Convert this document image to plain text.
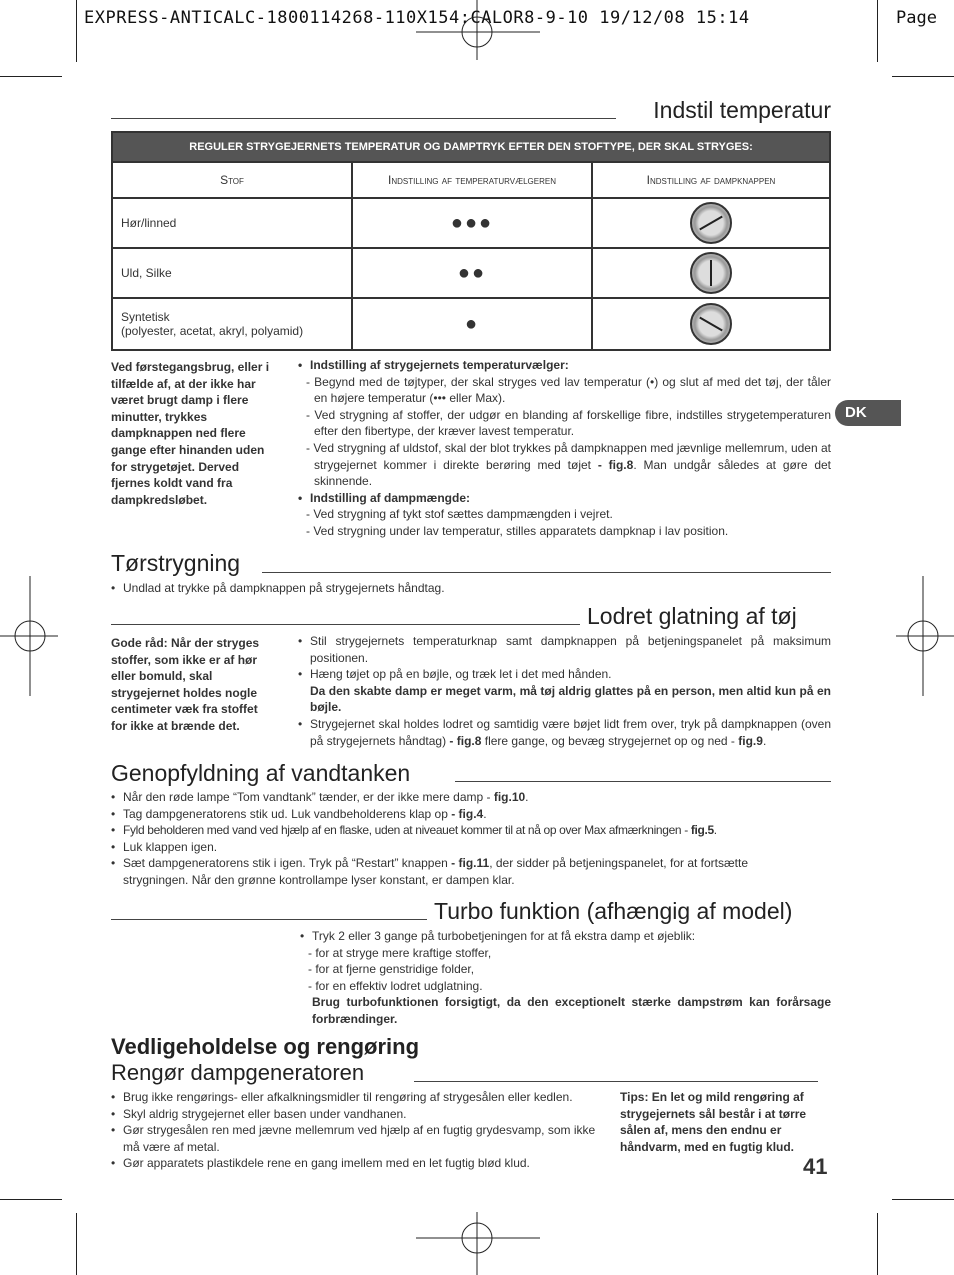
EXPRESS-ANTICALC-1800114268-110X154:CALOR8-9-10 19/12/08 15:14	Page
DK
Indstil temperatur
REGULER STRYGEJERNETS TEMPERATUR OG DAMPTRYK EFTER DEN STOFTYPE, DER SKAL STRYGES:		
Stof	Indstilling af temperaturvælgeren	Indstilling af dampknappen
Hør/linned	●●●	

Uld, Silke	●●	

Syntetisk
(polyester, acetat, akryl, polyamid)	●	
Ved førstegangsbrug, eller i tilfælde af, at der ikke har været brugt damp i flere minutter, trykkes dampknappen ned flere gange efter hinanden uden for strygetøjet. Derved fjernes koldt vand fra dampkredsløbet.

• Indstilling af strygejernets temperaturvælger:

- Begynd med de tøjtyper, der skal stryges ved lav temperatur (•) og slut af med det tøj, der tåler en højere temperatur (••• eller Max).

- Ved strygning af stoffer, der udgør en blanding af forskellige fibre, indstilles strygetemperaturen efter den fibertype, der kræver lavest temperatur.

- Ved strygning af uldstof, skal der blot trykkes på dampknappen med jævnlige mellemrum, uden at strygejernet kommer i direkte berøring med tøjet - fig.8. Man undgår således at gøre det skinnende.

• Indstilling af dampmængde:

- Ved strygning af tykt stof sættes dampmængden i vejret.

- Ved strygning under lav temperatur, stilles apparatets dampknap i lav position.

Tørstrygning

• Undlad at trykke på dampknappen på strygejernets håndtag.

Lodret glatning af tøj
Gode råd: Når der stryges stoffer, som ikke er af hør eller bomuld, skal strygejernet holdes nogle centimeter væk fra stoffet for ikke at brænde det.

• Stil strygejernets temperaturknap samt dampknappen på betjeningspanelet på maksimum positionen.

• Hæng tøjet op på en bøjle, og træk let i det med hånden.

Da den skabte damp er meget varm, må tøj aldrig glattes på en person, men altid kun på en bøjle.

• Strygejernet skal holdes lodret og samtidig være bøjet lidt frem over, tryk på dampknappen (oven på strygejernets håndtag) - fig.8 flere gange, og bevæg strygejernet op og ned - fig.9.

Genopfyldning af vandtanken

• Når den røde lampe “Tom vandtank” tænder, er der ikke mere damp - fig.10.

• Tag dampgeneratorens stik ud. Luk vandbeholderens klap op - fig.4.

• Fyld beholderen med vand ved hjælp af en flaske, uden at niveauet kommer til at nå op over Max afmærkningen - fig.5.

• Luk klappen igen.

• Sæt dampgeneratorens stik i igen. Tryk på “Restart” knappen - fig.11, der sidder på betjeningspanelet, for at fortsætte strygningen. Når den grønne kontrollampe lyser konstant, er dampen klar.

Turbo funktion (afhængig af model)

• Tryk 2 eller 3 gange på turbobetjeningen for at få ekstra damp et øjeblik:

- for at stryge mere kraftige stoffer,

- for at fjerne genstridige folder,

- for en effektiv lodret udglatning.

Brug turbofunktionen forsigtigt, da den exceptionelt stærke dampstrøm kan forårsage forbrændinger.

Vedligeholdelse og rengøring
Rengør dampgeneratoren

• Brug ikke rengørings- eller afkalkningsmidler til rengøring af strygesålen eller kedlen.

• Skyl aldrig strygejernet eller basen under vandhanen.

• Gør strygesålen ren med jævne mellemrum ved hjælp af en fugtig grydesvamp, som ikke må være af metal.

• Gør apparatets plastikdele rene en gang imellem med en let fugtig blød klud.

Tips: En let og mild rengøring af strygejernets sål består i at tørre sålen af, mens den endnu er håndvarm, med en fugtig klud.
41
